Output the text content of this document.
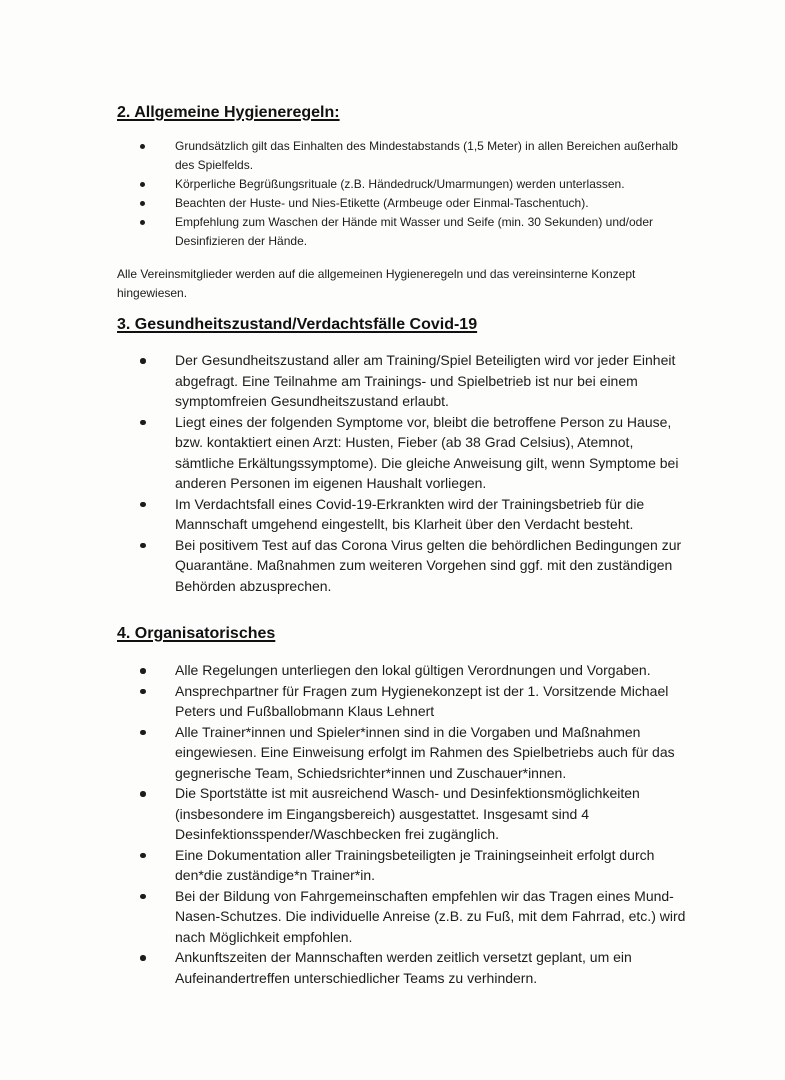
2. Allgemeine Hygieneregeln:
Grundsätzlich gilt das Einhalten des Mindestabstands (1,5 Meter) in allen Bereichen außerhalb des Spielfelds.
Körperliche Begrüßungsrituale (z.B. Händedruck/Umarmungen) werden unterlassen.
Beachten der Huste- und Nies-Etikette (Armbeuge oder Einmal-Taschentuch).
Empfehlung zum Waschen der Hände mit Wasser und Seife (min. 30 Sekunden) und/oder Desinfizieren der Hände.

Alle Vereinsmitglieder werden auf die allgemeinen Hygieneregeln und das vereinsinterne Konzept hingewiesen.

3. Gesundheitszustand/Verdachtsfälle Covid-19
Der Gesundheitszustand aller am Training/Spiel Beteiligten wird vor jeder Einheit abgefragt. Eine Teilnahme am Trainings- und Spielbetrieb ist nur bei einem symptomfreien Gesundheitszustand erlaubt.
Liegt eines der folgenden Symptome vor, bleibt die betroffene Person zu Hause, bzw. kontaktiert einen Arzt: Husten, Fieber (ab 38 Grad Celsius), Atemnot, sämtliche Erkältungssymptome). Die gleiche Anweisung gilt, wenn Symptome bei anderen Personen im eigenen Haushalt vorliegen.
Im Verdachtsfall eines Covid-19-Erkrankten wird der Trainingsbetrieb für die Mannschaft umgehend eingestellt, bis Klarheit über den Verdacht besteht.
Bei positivem Test auf das Corona Virus gelten die behördlichen Bedingungen zur Quarantäne. Maßnahmen zum weiteren Vorgehen sind ggf. mit den zuständigen Behörden abzusprechen.
4. Organisatorisches
Alle Regelungen unterliegen den lokal gültigen Verordnungen und Vorgaben.
Ansprechpartner für Fragen zum Hygienekonzept ist der 1. Vorsitzende Michael Peters und Fußballobmann Klaus Lehnert
Alle Trainer*innen und Spieler*innen sind in die Vorgaben und Maßnahmen eingewiesen. Eine Einweisung erfolgt im Rahmen des Spielbetriebs auch für das gegnerische Team, Schiedsrichter*innen und Zuschauer*innen.
Die Sportstätte ist mit ausreichend Wasch- und Desinfektionsmöglichkeiten (insbesondere im Eingangsbereich) ausgestattet. Insgesamt sind 4 Desinfektionsspender/Waschbecken frei zugänglich.
Eine Dokumentation aller Trainingsbeteiligten je Trainingseinheit erfolgt durch den*die zuständige*n Trainer*in.
Bei der Bildung von Fahrgemeinschaften empfehlen wir das Tragen eines Mund-Nasen-Schutzes. Die individuelle Anreise (z.B. zu Fuß, mit dem Fahrrad, etc.) wird nach Möglichkeit empfohlen.
Ankunftszeiten der Mannschaften werden zeitlich versetzt geplant, um ein Aufeinandertreffen unterschiedlicher Teams zu verhindern.
